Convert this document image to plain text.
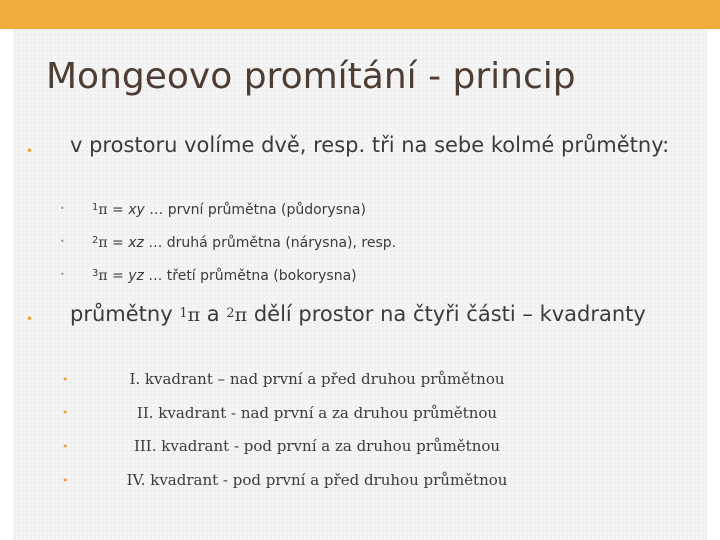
Mongeovo promítání - princip
• v prostoru volíme dvě, resp. tři na sebe kolmé průmětny:
•	$^1$π = xy … první průmětna (půdorysna)
•	$^2$π = xz … druhá průmětna (nárysna), resp.
•	$^3$π = yz … třetí průmětna (bokorysna)
• průmětny $^1$π a $^2$π dělí prostor na čtyři části – kvadranty
•	I. kvadrant – nad první a před druhou průmětnou
•	II. kvadrant - nad první a za druhou průmětnou
•	III. kvadrant - pod první a za druhou průmětnou
•	IV. kvadrant - pod první a před druhou průmětnou
